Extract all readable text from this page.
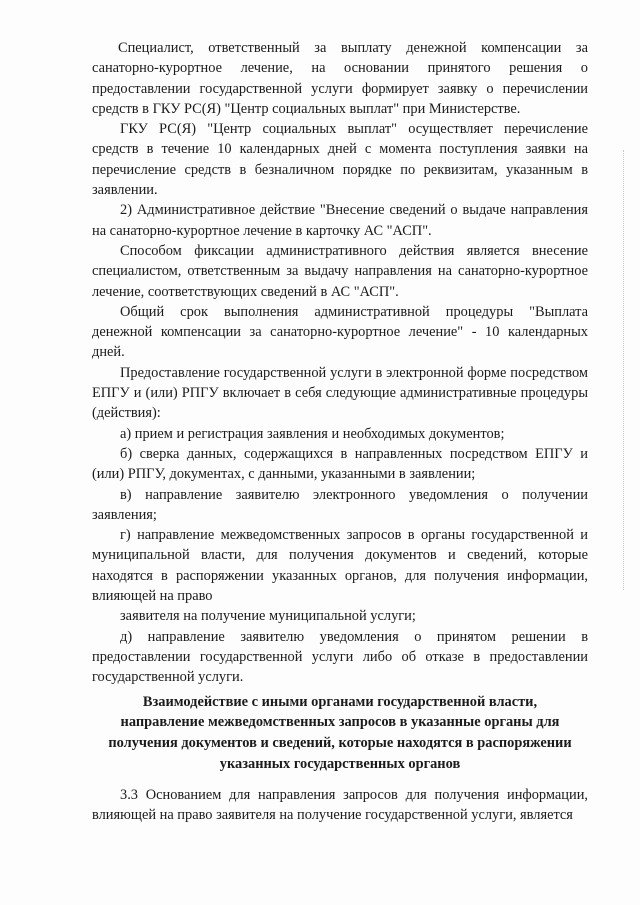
Специалист, ответственный за выплату денежной компенсации за санаторно-курортное лечение, на основании принятого решения о предоставлении государственной услуги формирует заявку о перечислении средств в ГКУ РС(Я) "Центр социальных выплат" при Министерстве.

ГКУ РС(Я) "Центр социальных выплат" осуществляет перечисление средств в течение 10 календарных дней с момента поступления заявки на перечисление средств в безналичном порядке по реквизитам, указанным в заявлении.

2) Административное действие "Внесение сведений о выдаче направления на санаторно-курортное лечение в карточку АС "АСП".

Способом фиксации административного действия является внесение специалистом, ответственным за выдачу направления на санаторно-курортное лечение, соответствующих сведений в АС "АСП".

Общий срок выполнения административной процедуры "Выплата денежной компенсации за санаторно-курортное лечение" - 10 календарных дней.

Предоставление государственной услуги в электронной форме посредством ЕПГУ и (или) РПГУ включает в себя следующие административные процедуры (действия):

а) прием и регистрация заявления и необходимых документов;

б) сверка данных, содержащихся в направленных посредством ЕПГУ и (или) РПГУ, документах, с данными, указанными в заявлении;

в) направление заявителю электронного уведомления о получении заявления;

г) направление межведомственных запросов в органы государственной и муниципальной власти, для получения документов и сведений, которые находятся в распоряжении указанных органов, для получения информации, влияющей на право

заявителя на получение муниципальной услуги;

д) направление заявителю уведомления о принятом решении в предоставлении государственной услуги либо об отказе в предоставлении государственной услуги.

Взаимодействие с иными органами государственной власти,
направление межведомственных запросов в указанные органы для
получения документов и сведений, которые находятся в распоряжении
указанных государственных органов

3.3 Основанием для направления запросов для получения информации, влияющей на право заявителя на получение государственной услуги, является
